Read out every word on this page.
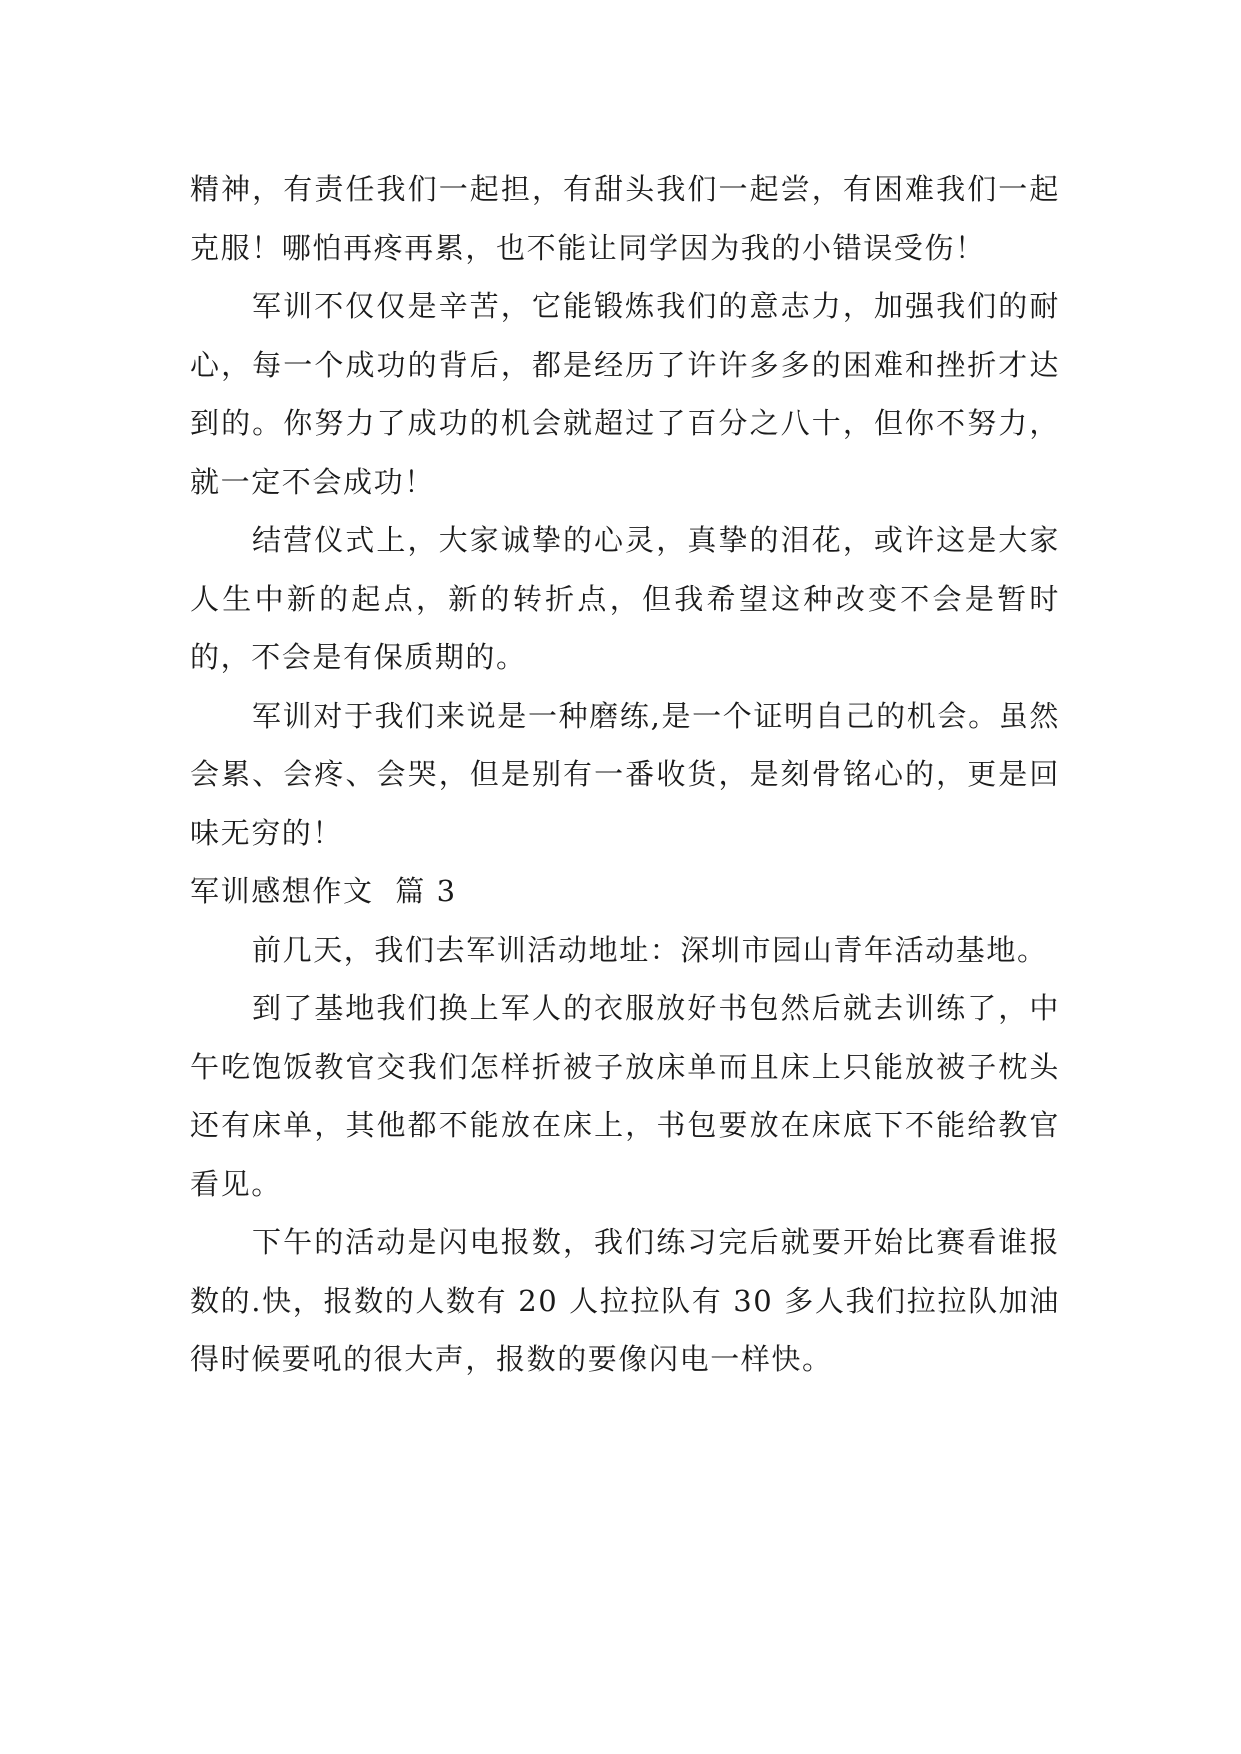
精神，有责任我们一起担，有甜头我们一起尝，有困难我们一起克服！哪怕再疼再累，也不能让同学因为我的小错误受伤！

军训不仅仅是辛苦，它能锻炼我们的意志力，加强我们的耐心，每一个成功的背后，都是经历了许许多多的困难和挫折才达到的。你努力了成功的机会就超过了百分之八十，但你不努力，就一定不会成功！

结营仪式上，大家诚挚的心灵，真挚的泪花，或许这是大家人生中新的起点，新的转折点，但我希望这种改变不会是暂时的，不会是有保质期的。

军训对于我们来说是一种磨练,是一个证明自己的机会。虽然会累、会疼、会哭，但是别有一番收货，是刻骨铭心的，更是回味无穷的！

军训感想作文  篇 3

前几天，我们去军训活动地址：深圳市园山青年活动基地。

到了基地我们换上军人的衣服放好书包然后就去训练了，中午吃饱饭教官交我们怎样折被子放床单而且床上只能放被子枕头还有床单，其他都不能放在床上，书包要放在床底下不能给教官看见。

下午的活动是闪电报数，我们练习完后就要开始比赛看谁报数的.快，报数的人数有 20 人拉拉队有 30 多人我们拉拉队加油得时候要吼的很大声，报数的要像闪电一样快。
